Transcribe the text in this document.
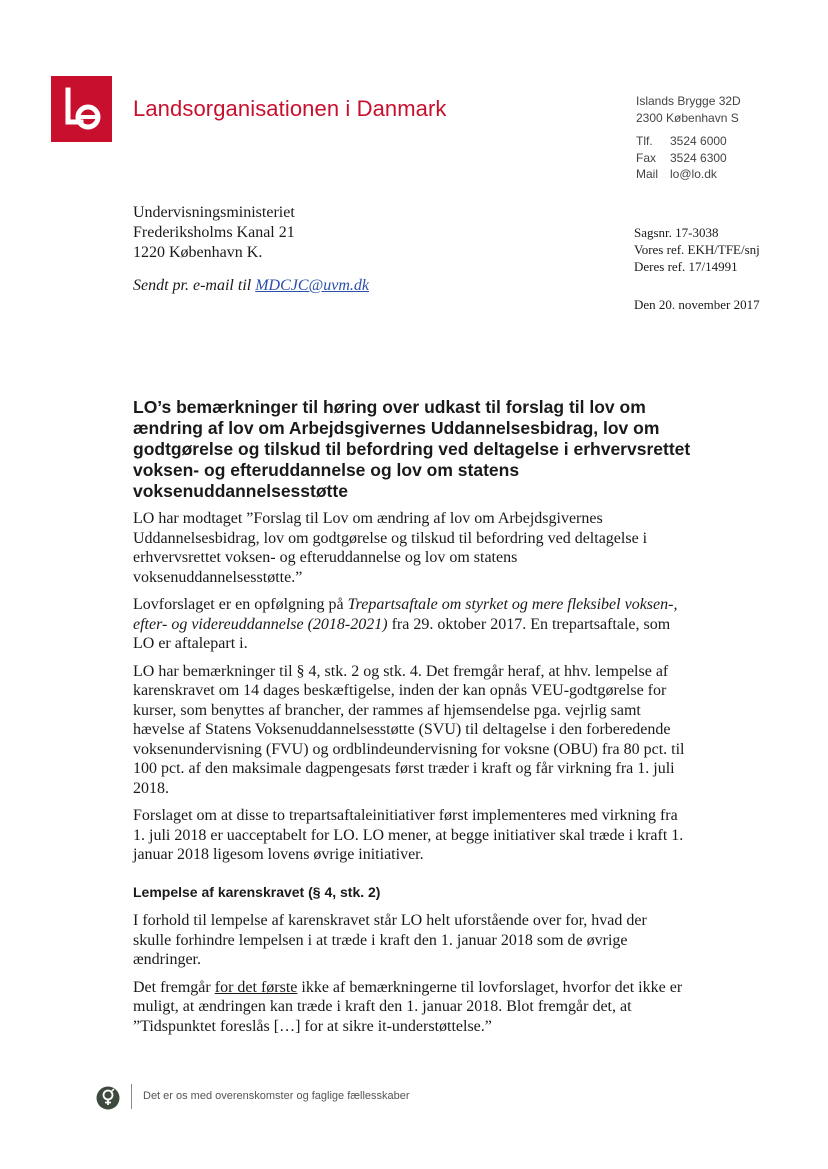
Landsorganisationen i Danmark	Islands Brygge 32D
2300 København S
Tlf. 3524 6000
Fax 3524 6300
Mail lo@lo.dk
Undervisningsministeriet
Frederiksholms Kanal 21
1220 København K.
Sendt pr. e-mail til MDCJC@uvm.dk
Sagsnr. 17-3038
Vores ref. EKH/TFE/snj
Deres ref. 17/14991
Den 20. november 2017
LO’s bemærkninger til høring over udkast til forslag til lov om ændring af lov om Arbejdsgivernes Uddannelsesbidrag, lov om godtgørelse og tilskud til befordring ved deltagelse i erhvervsrettet voksen- og efteruddannelse og lov om statens voksenuddannelsesstøtte

LO har modtaget ”Forslag til Lov om ændring af lov om Arbejdsgivernes Uddannelsesbidrag, lov om godtgørelse og tilskud til befordring ved deltagelse i erhvervsrettet voksen- og efteruddannelse og lov om statens voksenuddannelsesstøtte.”

Lovforslaget er en opfølgning på Trepartsaftale om styrket og mere fleksibel voksen-, efter- og videreuddannelse (2018-2021) fra 29. oktober 2017. En trepartsaftale, som LO er aftalepart i.

LO har bemærkninger til § 4, stk. 2 og stk. 4. Det fremgår heraf, at hhv. lempelse af karenskravet om 14 dages beskæftigelse, inden der kan opnås VEU-godtgørelse for kurser, som benyttes af brancher, der rammes af hjemsendelse pga. vejrlig samt hævelse af Statens Voksenuddannelsesstøtte (SVU) til deltagelse i den forberedende voksenundervisning (FVU) og ordblindeundervisning for voksne (OBU) fra 80 pct. til 100 pct. af den maksimale dagpengesats først træder i kraft og får virkning fra 1. juli 2018.

Forslaget om at disse to trepartsaftaleinitiativer først implementeres med virkning fra 1. juli 2018 er uacceptabelt for LO. LO mener, at begge initiativer skal træde i kraft 1. januar 2018 ligesom lovens øvrige initiativer.

Lempelse af karenskravet (§ 4, stk. 2)

I forhold til lempelse af karenskravet står LO helt uforstående over for, hvad der skulle forhindre lempelsen i at træde i kraft den 1. januar 2018 som de øvrige ændringer.

Det fremgår for det første ikke af bemærkningerne til lovforslaget, hvorfor det ikke er muligt, at ændringen kan træde i kraft den 1. januar 2018. Blot fremgår det, at ”Tidspunktet foreslås […] for at sikre it-understøttelse.”

Det er os med overenskomster og faglige fællesskaber
